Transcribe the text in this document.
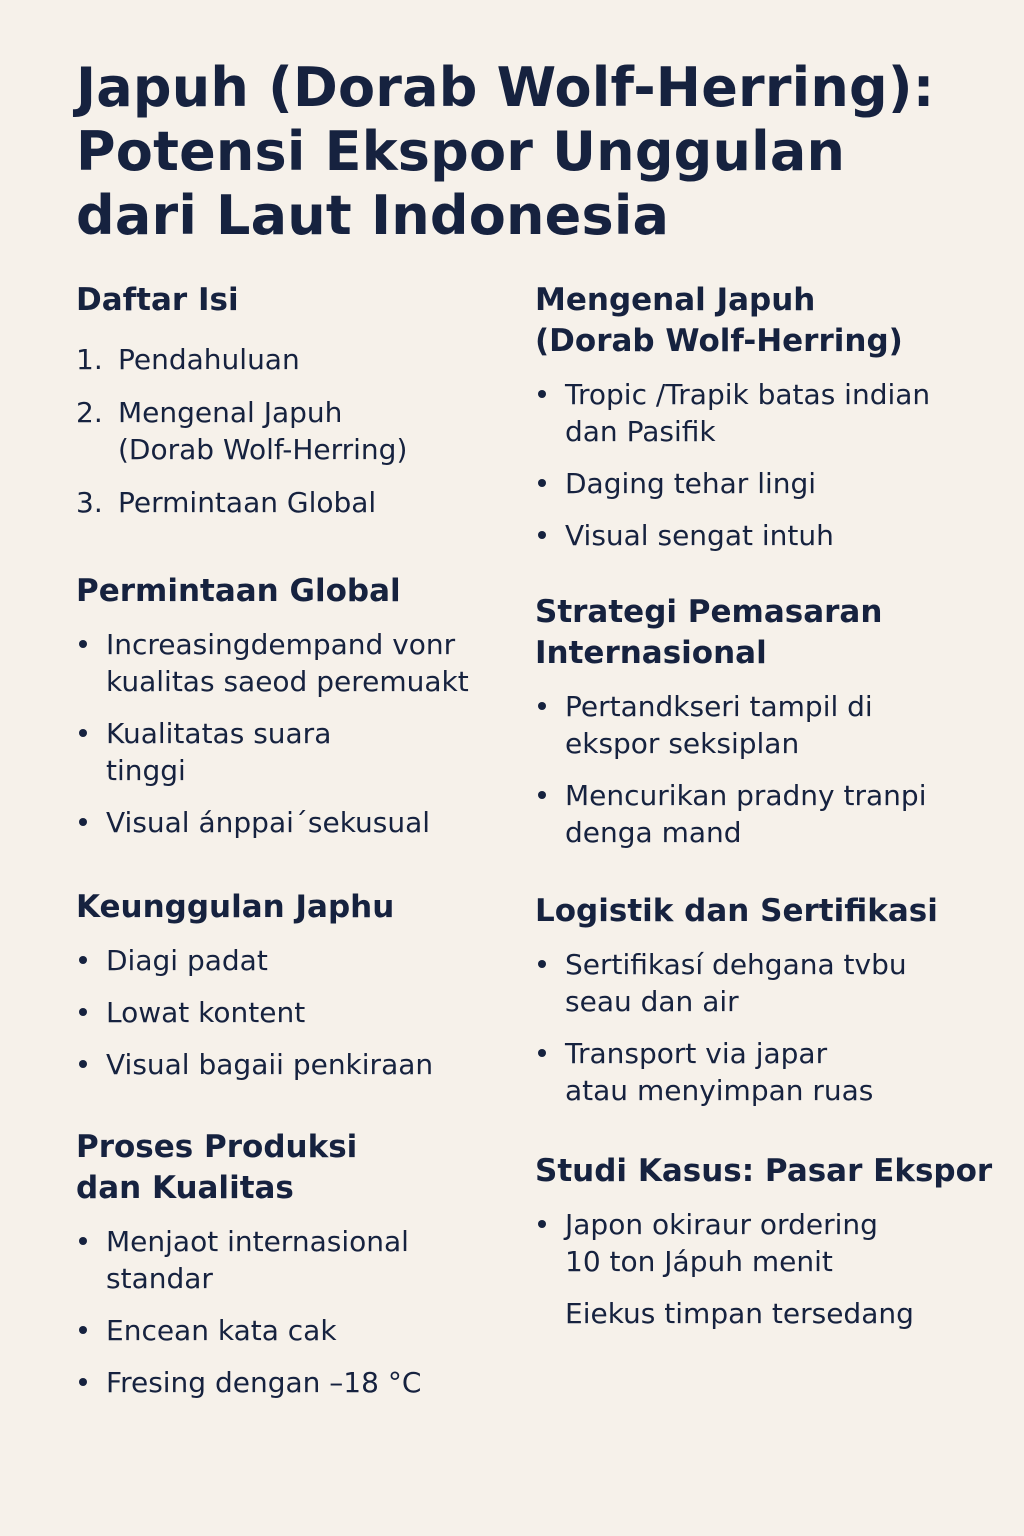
Japuh (Dorab Wolf-Herring):
Potensi Ekspor Unggulan
dari Laut Indonesia
Daftar Isi
1. Pendahuluan
2. Mengenal Japuh
(Dorab Wolf-Herring)
3. Permintaan Global
Permintaan Global
Increasingdempand vonr
kualitas saeod peremuakt
Kualitatas suara
tinggi
Visual ánppai´sekusual
Keunggulan Japhu
Diagi padat
Lowat kontent
Visual bagaii penkiraan
Proses Produksi
dan Kualitas
Menjaot internasional
standar
Encean kata cak
Fresing dengan –18 °C
Mengenal Japuh
(Dorab Wolf-Herring)
Tropic /Trapik batas indian
dan Pasifik
Daging tehar lingi
Visual sengat intuh
Strategi Pemasaran
Internasional
Pertandkseri tampil di
ekspor seksiplan
Mencurikan pradny tranpi
denga mand
Logistik dan Sertifikasi
Sertifikasí dehgana tvbu
seau dan air
Transport via japar
atau menyimpan ruas
Studi Kasus: Pasar Ekspor
Japon okiraur ordering
10 ton Jápuh menit
Eiekus timpan tersedang
